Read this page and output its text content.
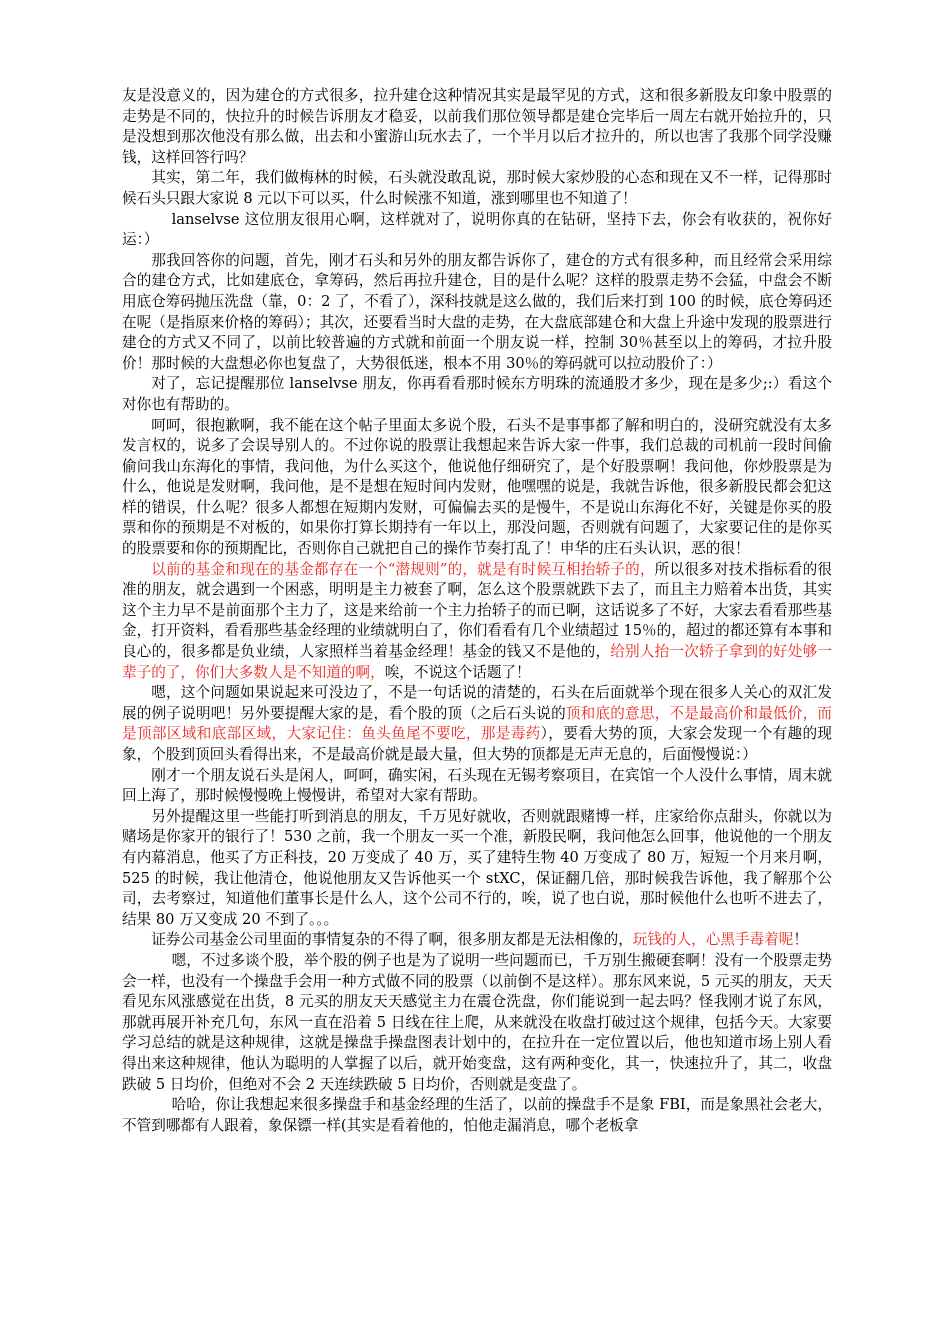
友是没意义的，因为建仓的方式很多，拉升建仓这种情况其实是最罕见的方式，这和很多新股友印象中股票的走势是不同的，快拉升的时候告诉朋友才稳妥，以前我们那位领导都是建仓完毕后一周左右就开始拉升的，只是没想到那次他没有那么做，出去和小蜜游山玩水去了，一个半月以后才拉升的，所以也害了我那个同学没赚钱，这样回答行吗？

其实，第二年，我们做梅林的时候，石头就没敢乱说，那时候大家炒股的心态和现在又不一样，记得那时候石头只跟大家说 8 元以下可以买，什么时候涨不知道，涨到哪里也不知道了！

lanselvse 这位朋友很用心啊，这样就对了，说明你真的在钻研，坚持下去，你会有收获的，祝你好运：）

那我回答你的问题，首先，刚才石头和另外的朋友都告诉你了，建仓的方式有很多种，而且经常会采用综合的建仓方式，比如建底仓，拿筹码，然后再拉升建仓，目的是什么呢？这样的股票走势不会猛，中盘会不断用底仓筹码抛压洗盘（靠，0：2 了，不看了），深科技就是这么做的，我们后来打到 100 的时候，底仓筹码还在呢（是指原来价格的筹码）；其次，还要看当时大盘的走势，在大盘底部建仓和大盘上升途中发现的股票进行建仓的方式又不同了，以前比较普遍的方式就和前面一个朋友说一样，控制 30％甚至以上的筹码，才拉升股价！那时候的大盘想必你也复盘了，大势很低迷，根本不用 30％的筹码就可以拉动股价了：）

对了，忘记提醒那位 lanselvse 朋友，你再看看那时候东方明珠的流通股才多少，现在是多少;:）看这个对你也有帮助的。

呵呵，很抱歉啊，我不能在这个帖子里面太多说个股，石头不是事事都了解和明白的，没研究就没有太多发言权的，说多了会误导别人的。不过你说的股票让我想起来告诉大家一件事，我们总裁的司机前一段时间偷偷问我山东海化的事情，我问他，为什么买这个，他说他仔细研究了，是个好股票啊！我问他，你炒股票是为什么，他说是发财啊，我问他，是不是想在短时间内发财，他嘿嘿的说是，我就告诉他，很多新股民都会犯这样的错误，什么呢？很多人都想在短期内发财，可偏偏去买的是慢牛，不是说山东海化不好，关键是你买的股票和你的预期是不对板的，如果你打算长期持有一年以上，那没问题，否则就有问题了，大家要记住的是你买的股票要和你的预期配比，否则你自己就把自己的操作节奏打乱了！申华的庄石头认识，恶的很！

以前的基金和现在的基金都存在一个“潜规则”的，就是有时候互相抬轿子的，所以很多对技术指标看的很准的朋友，就会遇到一个困惑，明明是主力被套了啊，怎么这个股票就跌下去了，而且主力赔着本出货，其实这个主力早不是前面那个主力了，这是来给前一个主力抬轿子的而已啊，这话说多了不好，大家去看看那些基金，打开资料，看看那些基金经理的业绩就明白了，你们看看有几个业绩超过 15％的，超过的都还算有本事和良心的，很多都是负业绩，人家照样当着基金经理！基金的钱又不是他的，给别人抬一次轿子拿到的好处够一辈子的了，你们大多数人是不知道的啊，唉，不说这个话题了！

嗯，这个问题如果说起来可没边了，不是一句话说的清楚的，石头在后面就举个现在很多人关心的双汇发展的例子说明吧！另外要提醒大家的是，看个股的顶（之后石头说的顶和底的意思，不是最高价和最低价，而是顶部区域和底部区域，大家记住：鱼头鱼尾不要吃，那是毒药），要看大势的顶，大家会发现一个有趣的现象，个股到顶回头看得出来，不是最高价就是最大量，但大势的顶都是无声无息的，后面慢慢说：）

刚才一个朋友说石头是闲人，呵呵，确实闲，石头现在无锡考察项目，在宾馆一个人没什么事情，周末就回上海了，那时候慢慢晚上慢慢讲，希望对大家有帮助。

另外提醒这里一些能打听到消息的朋友，千万见好就收，否则就跟赌博一样，庄家给你点甜头，你就以为赌场是你家开的银行了！530 之前，我一个朋友一买一个准，新股民啊，我问他怎么回事，他说他的一个朋友有内幕消息，他买了方正科技，20 万变成了 40 万，买了建特生物 40 万变成了 80 万，短短一个月来月啊，525 的时候，我让他清仓，他说他朋友又告诉他买一个 stXC，保证翻几倍，那时候我告诉他，我了解那个公司，去考察过，知道他们董事长是什么人，这个公司不行的，唉，说了也白说，那时候他什么也听不进去了，结果 80 万又变成 20 不到了。。。

证券公司基金公司里面的事情复杂的不得了啊，很多朋友都是无法相像的，玩钱的人，心黑手毒着呢！

嗯，不过多谈个股，举个股的例子也是为了说明一些问题而已，千万别生搬硬套啊！没有一个股票走势会一样，也没有一个操盘手会用一种方式做不同的股票（以前倒不是这样）。那东风来说，5 元买的朋友，天天看见东风涨感觉在出货，8 元买的朋友天天感觉主力在震仓洗盘，你们能说到一起去吗？怪我刚才说了东风，那就再展开补充几句，东风一直在沿着 5 日线在往上爬，从来就没在收盘打破过这个规律，包括今天。大家要学习总结的就是这种规律，这就是操盘手操盘图表计划中的，在拉升在一定位置以后，他也知道市场上别人看得出来这种规律，他认为聪明的人掌握了以后，就开始变盘，这有两种变化，其一，快速拉升了，其二，收盘跌破 5 日均价，但绝对不会 2 天连续跌破 5 日均价，否则就是变盘了。

哈哈，你让我想起来很多操盘手和基金经理的生活了，以前的操盘手不是象 FBI，而是象黑社会老大，不管到哪都有人跟着，象保镖一样(其实是看着他的，怕他走漏消息，哪个老板拿
